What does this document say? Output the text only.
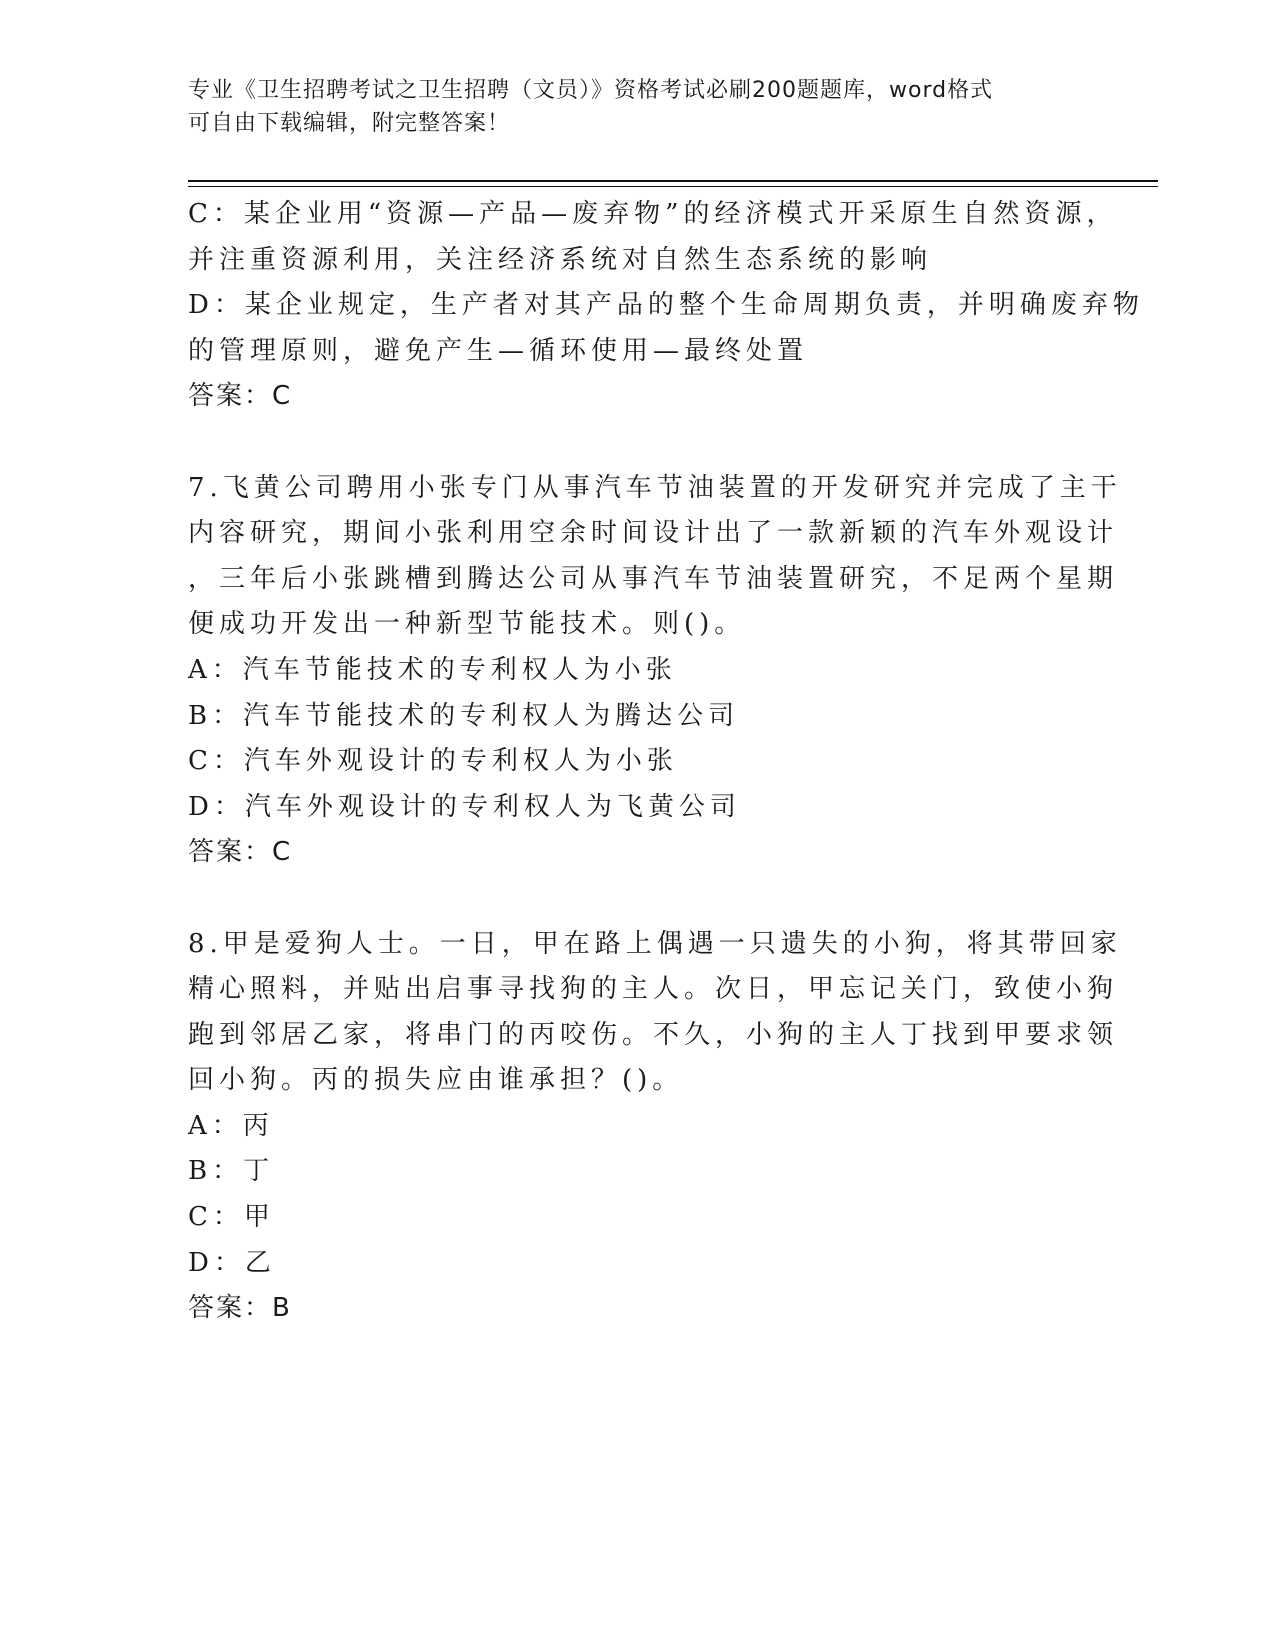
专业《卫生招聘考试之卫生招聘（文员）》资格考试必刷200题题库，word格式
可自由下载编辑，附完整答案！
C：某企业用“资源—产品—废弃物”的经济模式开采原生自然资源，
并注重资源利用，关注经济系统对自然生态系统的影响
D：某企业规定，生产者对其产品的整个生命周期负责，并明确废弃物
的管理原则，避免产生—循环使用—最终处置
答案：C
7.飞黄公司聘用小张专门从事汽车节油装置的开发研究并完成了主干
内容研究，期间小张利用空余时间设计出了一款新颖的汽车外观设计
，三年后小张跳槽到腾达公司从事汽车节油装置研究，不足两个星期
便成功开发出一种新型节能技术。则()。
A：汽车节能技术的专利权人为小张
B：汽车节能技术的专利权人为腾达公司
C：汽车外观设计的专利权人为小张
D：汽车外观设计的专利权人为飞黄公司
答案：C
8.甲是爱狗人士。一日，甲在路上偶遇一只遗失的小狗，将其带回家
精心照料，并贴出启事寻找狗的主人。次日，甲忘记关门，致使小狗
跑到邻居乙家，将串门的丙咬伤。不久，小狗的主人丁找到甲要求领
回小狗。丙的损失应由谁承担？()。
A：丙
B：丁
C：甲
D：乙
答案：B
